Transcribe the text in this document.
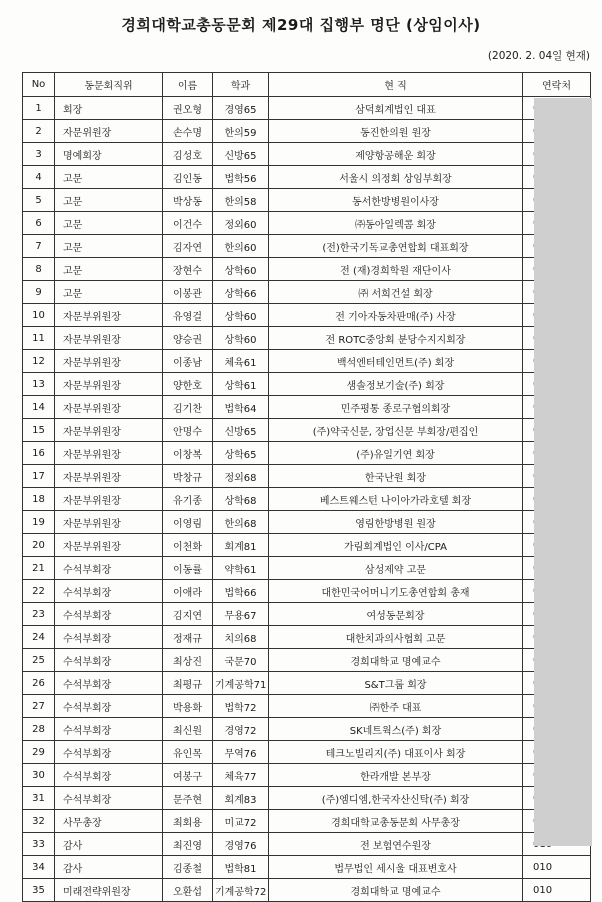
경희대학교총동문회 제29대 집행부 명단 (상임이사)
(2020. 2. 04일 현재)
No	동문회직위	이름	학과	현 직	연락처
1	회장	권오형	경영65	삼덕회계법인 대표	
2	자문위원장	손수명	한의59	동진한의원 원장	
3	명예회장	김성호	신방65	제양항공해운 회장	
4	고문	김인동	법학56	서울시 의정회 상임부회장	
5	고문	박상동	한의58	동서한방병원이사장	
6	고문	이건수	정외60	㈜동아일렉콤 회장	
7	고문	김자연	한의60	(전)한국기독교총연합회 대표회장	
8	고문	장현수	상학60	전 (재)경희학원 재단이사	
9	고문	이봉관	상학66	㈜ 서희건설 회장	
10	자문부위원장	유영걸	상학60	전 기아자동차판매(주) 사장	
11	자문부위원장	양승권	상학60	전 ROTC중앙회 분당수지지회장	
12	자문부위원장	이종남	체육61	백석엔터테인먼트(주) 회장	
13	자문부위원장	양한호	상학61	샘솔정보기술(주) 회장	
14	자문부위원장	김기찬	법학64	민주평통 종로구협의회장	
15	자문부위원장	안명수	신방65	(주)약국신문, 장업신문 부회장/편집인	
16	자문부위원장	이창복	상학65	(주)유일기연 회장	
17	자문부위원장	박창규	정외68	한국난원 회장	
18	자문부위원장	유기종	상학68	베스트웨스턴 나이아가라호텔 회장	
19	자문부위원장	이영림	한의68	영림한방병원 원장	
20	자문부위원장	이천화	회계81	가림회계법인 이사/CPA	
21	수석부회장	이동률	약학61	삼성제약 고문	
22	수석부회장	이애라	법학66	대한민국어머니기도총연합회 총재	
23	수석부회장	김지연	무용67	여성동문회장	
24	수석부회장	정재규	치의68	대한치과의사협회 고문	
25	수석부회장	최상진	국문70	경희대학교 명예교수	
26	수석부회장	최평규	기계공학71	S&T그룹 회장	
27	수석부회장	박용화	법학72	㈜한주 대표	
28	수석부회장	최신원	경영72	SK네트웍스(주) 회장	
29	수석부회장	유인목	무역76	테크노빌리지(주) 대표이사 회장	
30	수석부회장	여봉구	체육77	한라개발 본부장	
31	수석부회장	문주현	회계83	(주)엠디엠,한국자산신탁(주) 회장	
32	사무총장	최회용	미교72	경희대학교총동문회 사무총장	
33	감사	최진영	경영76	전 보험연수원장	
34	감사	김종철	법학81	법무법인 세시울 대표변호사	010
35	미래전략위원장	오환섭	기계공학72	경희대학교 명예교수	010
